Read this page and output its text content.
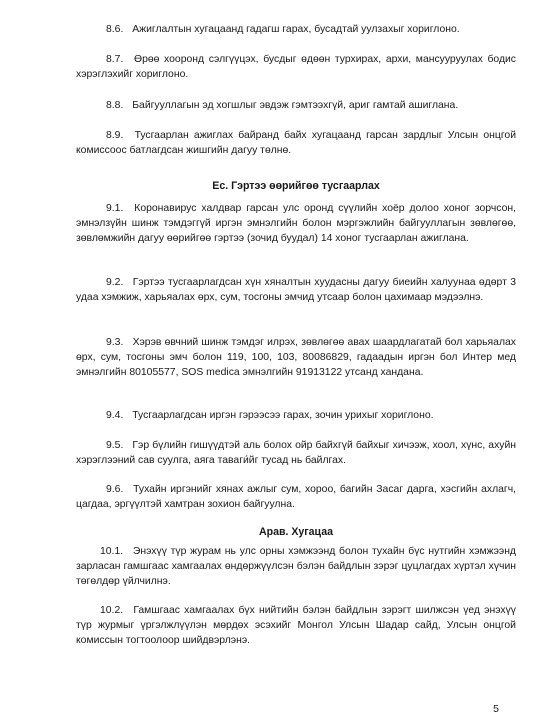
8.6. Ажиглалтын хугацаанд гадагш гарах, бусадтай уулзахыг хориглоно.

8.7. Өрөө хооронд сэлгүүцэх, бусдыг өдөөн турхирах, архи, мансууруулах бодис хэрэглэхийг хориглоно.

8.8. Байгууллагын эд хогшлыг эвдэж гэмтээхгүй, ариг гамтай ашиглана.

8.9. Тусгаарлан ажиглах байранд байх хугацаанд гарсан зардлыг Улсын онцгой комиссоос батлагдсан жишгийн дагуу төлнө.

Ес. Гэртээ өөрийгөө тусгаарлах

9.1. Коронавирус халдвар гарсан улс оронд сүүлийн хоёр долоо хоног зорчсон, эмнэлзүйн шинж тэмдэггүй иргэн эмнэлгийн болон мэргэжлийн байгууллагын зөвлөгөө, зөвлөмжийн дагуу өөрийгөө гэртээ (зочид буудал) 14 хоног тусгаарлан ажиглана.

9.2. Гэртээ тусгаарлагдсан хүн хяналтын хуудасны дагуу биеийн халуунаа өдөрт 3 удаа хэмжиж, харьяалах өрх, сум, тосгоны эмчид утсаар болон цахимаар мэдээлнэ.

9.3. Хэрэв өвчний шинж тэмдэг илрэх, зөвлөгөө авах шаардлагатай бол харьяалах өрх, сум, тосгоны эмч болон 119, 100, 103, 80086829, гадаадын иргэн бол Интер мед эмнэлгийн 80105577, SOS medica эмнэлгийн 91913122 утсанд хандана.

9.4. Тусгаарлагдсан иргэн гэрээсээ гарах, зочин урихыг хориглоно.

9.5. Гэр бүлийн гишүүдтэй аль болох ойр байхгүй байхыг хичээж, хоол, хүнс, ахуйн хэрэглээний сав суулга, аяга таваги́йг тусад нь байлгах.

9.6. Тухайн иргэнийг хянах ажлыг сум, хороо, багийн Засаг дарга, хэсгийн ахлагч, цагдаа, эргүүлтэй хамтран зохион байгуулна.

Арав. Хугацаа

10.1. Энэхүү түр журам нь улс орны хэмжээнд болон тухайн бүс нутгийн хэмжээнд зарласан гамшгаас хамгаалах өндөржүүлсэн бэлэн байдлын зэрэг цуцлагдах хүртэл хүчин төгөлдөр үйлчилнэ.

10.2. Гамшгаас хамгаалах бүх нийтийн бэлэн байдлын зэрэгт шилжсэн үед энэхүү түр журмыг үргэлжлүүлэн мөрдөх эсэхийг Монгол Улсын Шадар сайд, Улсын онцгой комиссын тогтоолоор шийдвэрлэнэ.

5
